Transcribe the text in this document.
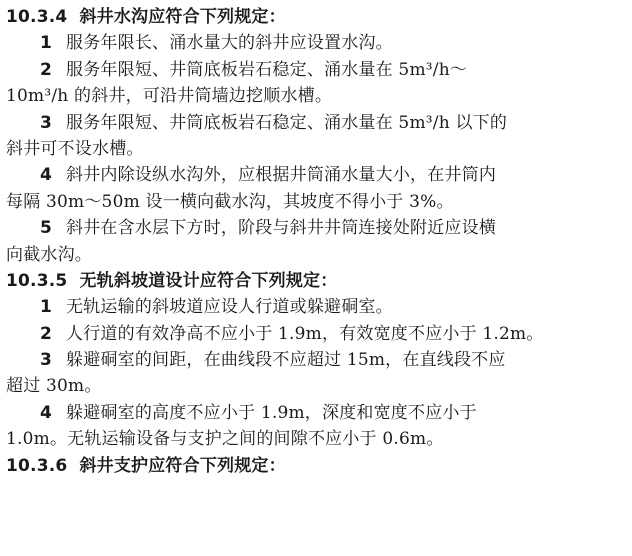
10.3.4 斜井水沟应符合下列规定：
1 服务年限长、涌水量大的斜井应设置水沟。
2 服务年限短、井筒底板岩石稳定、涌水量在 5m³/h～
10m³/h 的斜井，可沿井筒墙边挖顺水槽。
3 服务年限短、井筒底板岩石稳定、涌水量在 5m³/h 以下的
斜井可不设水槽。
4 斜井内除设纵水沟外，应根据井筒涌水量大小，在井筒内
每隔 30m～50m 设一横向截水沟，其坡度不得小于 3%。
5 斜井在含水层下方时，阶段与斜井井筒连接处附近应设横
向截水沟。
10.3.5 无轨斜坡道设计应符合下列规定：
1 无轨运输的斜坡道应设人行道或躲避硐室。
2 人行道的有效净高不应小于 1.9m，有效宽度不应小于 1.2m。
3 躲避硐室的间距，在曲线段不应超过 15m，在直线段不应
超过 30m。
4 躲避硐室的高度不应小于 1.9m，深度和宽度不应小于
1.0m。无轨运输设备与支护之间的间隙不应小于 0.6m。
10.3.6 斜井支护应符合下列规定：
